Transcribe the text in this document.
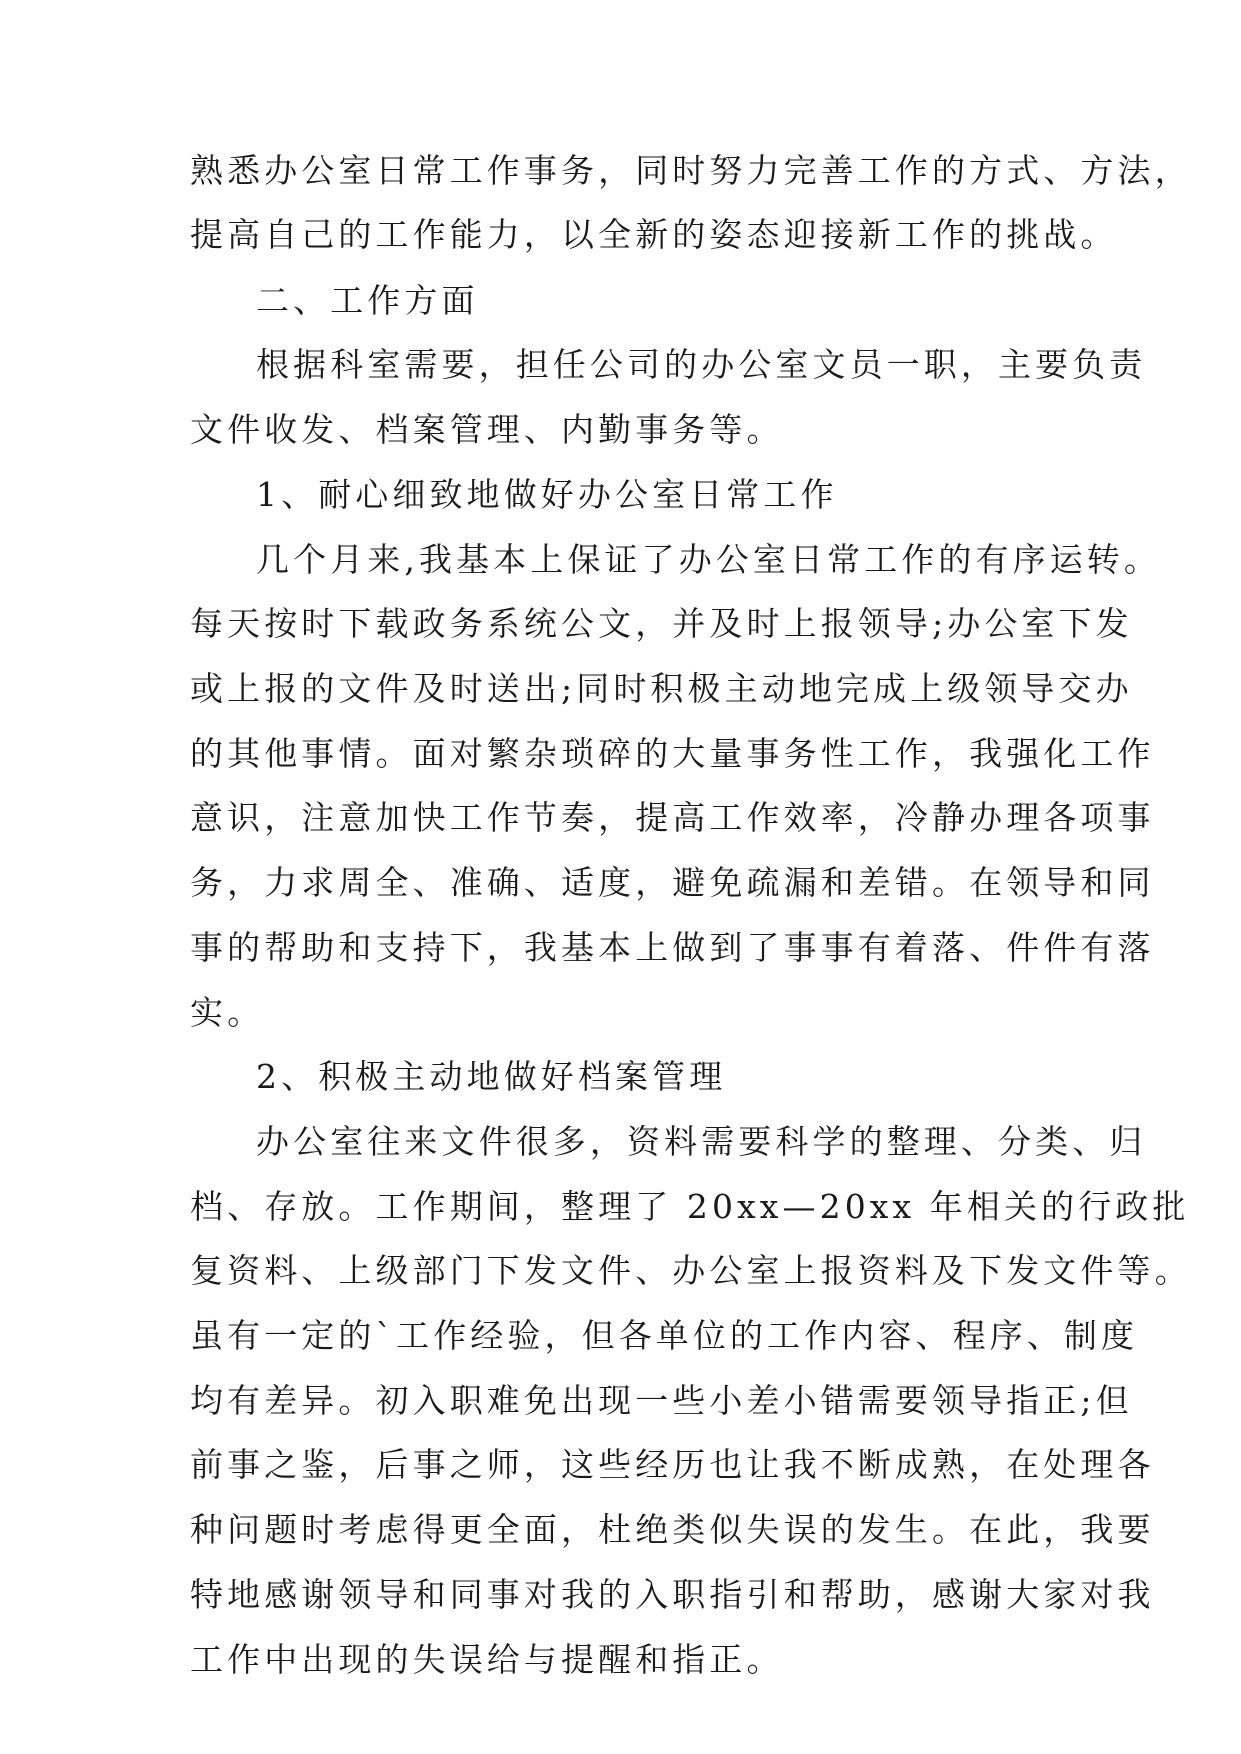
熟悉办公室日常工作事务，同时努力完善工作的方式、方法，
提高自己的工作能力，以全新的姿态迎接新工作的挑战。
二、工作方面
根据科室需要，担任公司的办公室文员一职，主要负责
文件收发、档案管理、内勤事务等。
1、耐心细致地做好办公室日常工作
几个月来,我基本上保证了办公室日常工作的有序运转。
每天按时下载政务系统公文，并及时上报领导;办公室下发
或上报的文件及时送出;同时积极主动地完成上级领导交办
的其他事情。面对繁杂琐碎的大量事务性工作，我强化工作
意识，注意加快工作节奏，提高工作效率，冷静办理各项事
务，力求周全、准确、适度，避免疏漏和差错。在领导和同
事的帮助和支持下，我基本上做到了事事有着落、件件有落
实。
2、积极主动地做好档案管理
办公室往来文件很多，资料需要科学的整理、分类、归
档、存放。工作期间，整理了 20xx—20xx 年相关的行政批
复资料、上级部门下发文件、办公室上报资料及下发文件等。
虽有一定的`工作经验，但各单位的工作内容、程序、制度
均有差异。初入职难免出现一些小差小错需要领导指正;但
前事之鉴，后事之师，这些经历也让我不断成熟，在处理各
种问题时考虑得更全面，杜绝类似失误的发生。在此，我要
特地感谢领导和同事对我的入职指引和帮助，感谢大家对我
工作中出现的失误给与提醒和指正。
